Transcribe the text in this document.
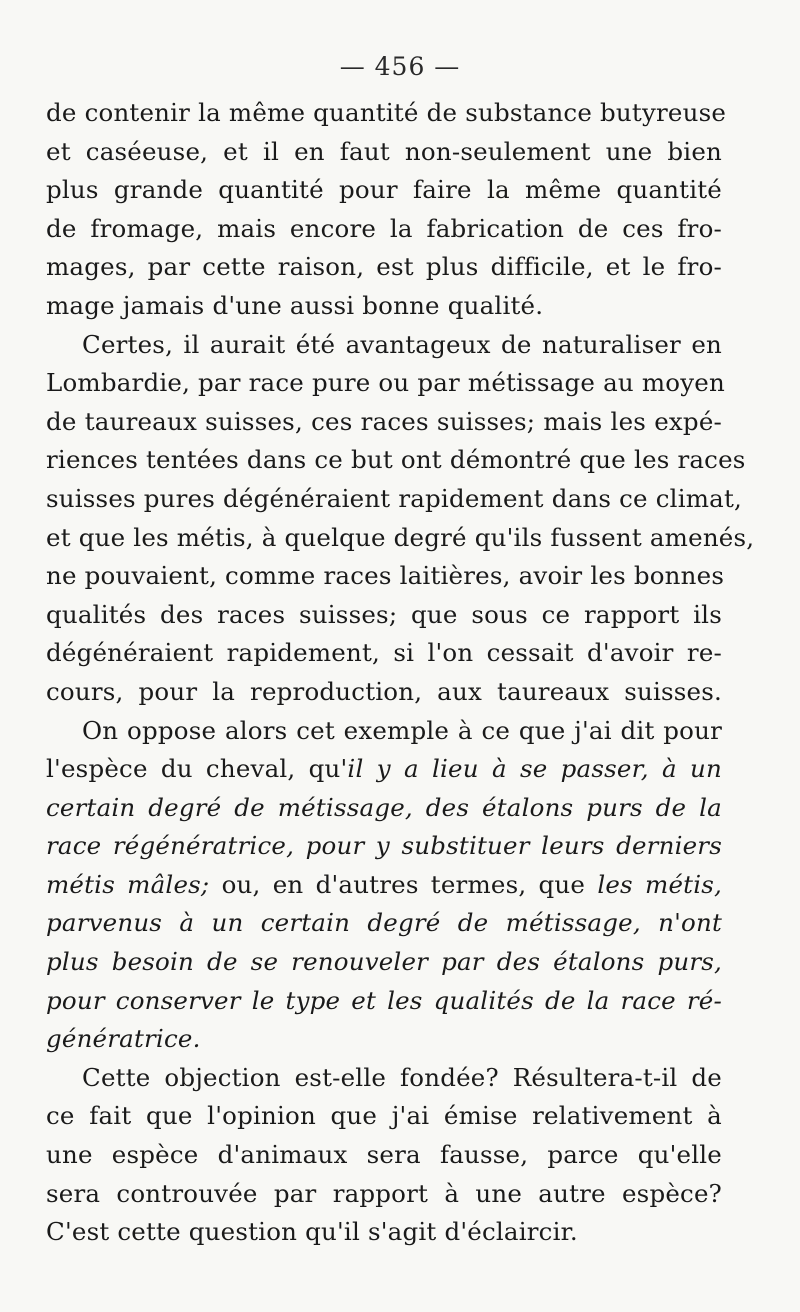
— 456 —
de contenir la même quantité de substance butyreuse
et caséeuse, et il en faut non-seulement une bien
plus grande quantité pour faire la même quantité
de fromage, mais encore la fabrication de ces fro-
mages, par cette raison, est plus difficile, et le fro-
mage jamais d'une aussi bonne qualité.
Certes, il aurait été avantageux de naturaliser en
Lombardie, par race pure ou par métissage au moyen
de taureaux suisses, ces races suisses; mais les expé-
riences tentées dans ce but ont démontré que les races
suisses pures dégénéraient rapidement dans ce climat,
et que les métis, à quelque degré qu'ils fussent amenés,
ne pouvaient, comme races laitières, avoir les bonnes
qualités des races suisses; que sous ce rapport ils
dégénéraient rapidement, si l'on cessait d'avoir re-
cours, pour la reproduction, aux taureaux suisses.
On oppose alors cet exemple à ce que j'ai dit pour
l'espèce du cheval, qu'il y a lieu à se passer, à un
certain degré de métissage, des étalons purs de la
race régénératrice, pour y substituer leurs derniers
métis mâles; ou, en d'autres termes, que les métis,
parvenus à un certain degré de métissage, n'ont
plus besoin de se renouveler par des étalons purs,
pour conserver le type et les qualités de la race ré-
génératrice.
Cette objection est-elle fondée? Résultera-t-il de
ce fait que l'opinion que j'ai émise relativement à
une espèce d'animaux sera fausse, parce qu'elle
sera controuvée par rapport à une autre espèce?
C'est cette question qu'il s'agit d'éclaircir.
